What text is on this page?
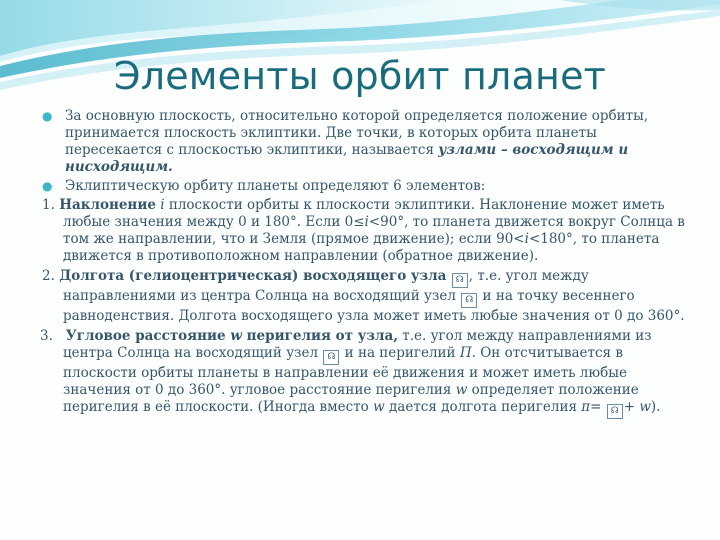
Элементы орбит планет
● За основную плоскость, относительно которой определяется положение орбиты, принимается плоскость эклиптики. Две точки, в которых орбита планеты пересекается с плоскостью эклиптики, называется узлами – восходящим и нисходящим.
● Эклиптическую орбиту планеты определяют 6 элементов:

1. Наклонение i плоскости орбиты к плоскости эклиптики. Наклонение может иметь любые значения между 0 и 180°. Если 0≤i<90°, то планета движется вокруг Солнца в том же направлении, что и Земля (прямое движение); если 90<i<180°, то планета движется в противоположном направлении (обратное движение).

2. Долгота (гелиоцентрическая) восходящего узла ☊ , т.е. угол между направлениями из центра Солнца на восходящий узел ☊ и на точку весеннего равноденствия. Долгота восходящего узла может иметь любые значения от 0 до 360°.

3. Угловое расстояние w перигелия от узла, т.е. угол между направлениями из центра Солнца на восходящий узел ☊ и на перигелий П. Он отсчитывается в плоскости орбиты планеты в направлении её движения и может иметь любые значения от 0 до 360°. угловое расстояние перигелия w определяет положение перигелия в её плоскости. (Иногда вместо w дается долгота перигелия π= ☊ + w).
